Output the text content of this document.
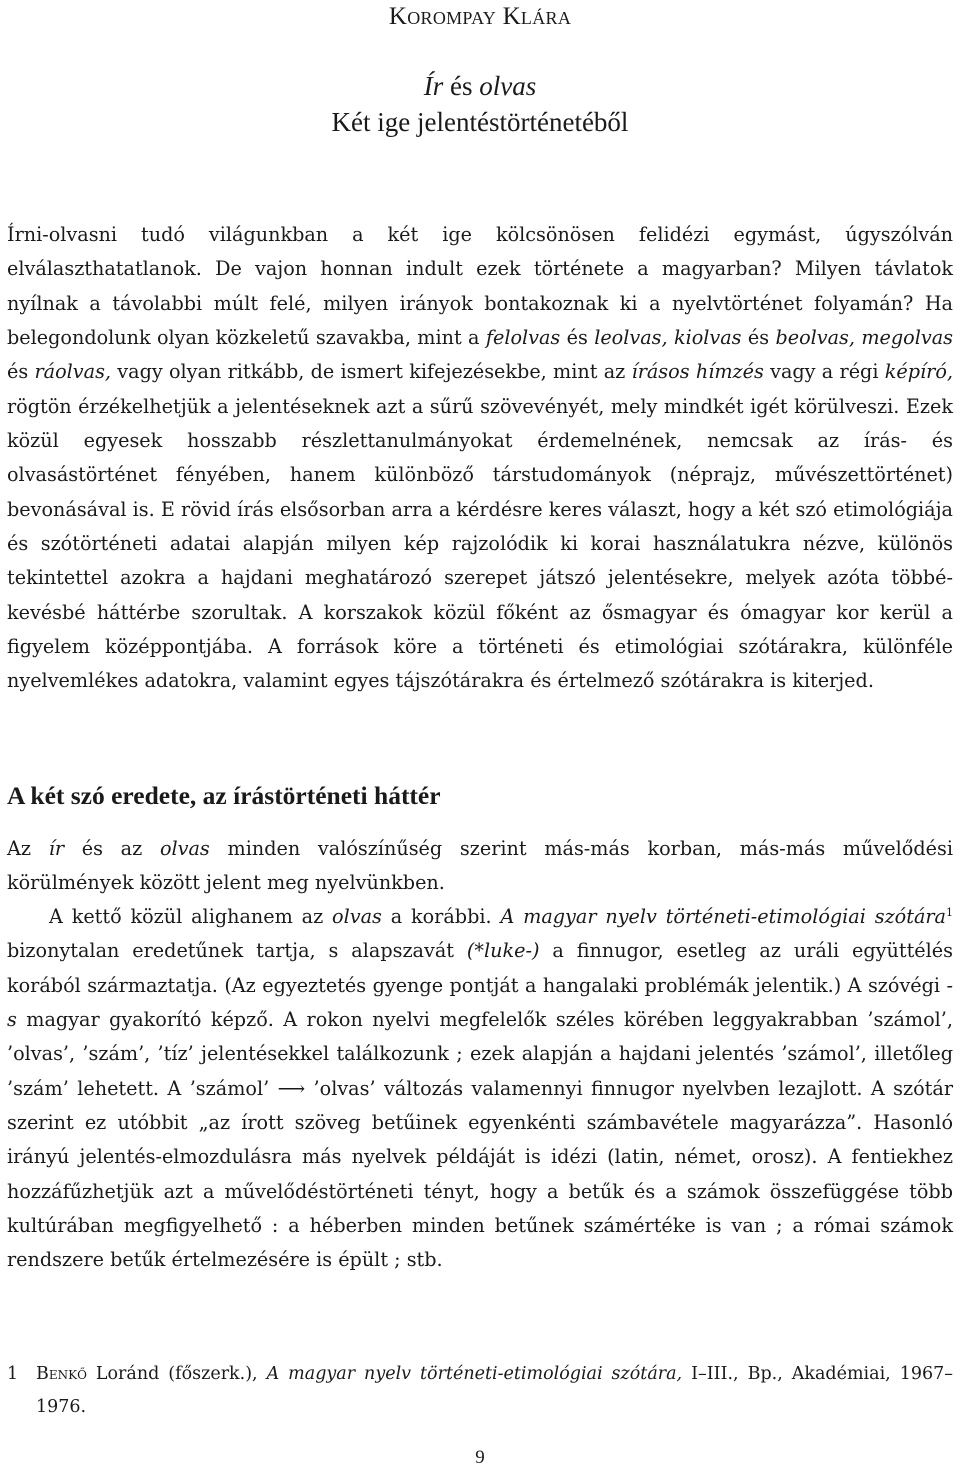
Korompay Klára
Ír és olvas
Két ige jelentéstörténetéből
Írni-olvasni tudó világunkban a két ige kölcsönösen felidézi egymást, úgyszólván elválaszthatatlanok. De vajon honnan indult ezek története a magyarban? Milyen távlatok nyílnak a távolabbi múlt felé, milyen irányok bontakoznak ki a nyelvtörténet folyamán? Ha belegondolunk olyan közkeletű szavakba, mint a felolvas és leolvas, kiolvas és beolvas, megolvas és ráolvas, vagy olyan ritkább, de ismert kifejezésekbe, mint az írásos hímzés vagy a régi képíró, rögtön érzékelhetjük a jelentéseknek azt a sűrű szövevényét, mely mindkét igét körülveszi. Ezek közül egyesek hosszabb részlettanulmányokat érdemelnének, nemcsak az írás- és olvasástörténet fényében, hanem különböző társtudományok (néprajz, művészettörténet) bevonásával is. E rövid írás elsősorban arra a kérdésre keres választ, hogy a két szó etimológiája és szótörténeti adatai alapján milyen kép rajzolódik ki korai használatukra nézve, különös tekintettel azokra a hajdani meghatározó szerepet játszó jelentésekre, melyek azóta többé-kevésbé háttérbe szorultak. A korszakok közül főként az ősmagyar és ómagyar kor kerül a figyelem középpontjába. A források köre a történeti és etimológiai szótárakra, különféle nyelvemlékes adatokra, valamint egyes tájszótárakra és értelmező szótárakra is kiterjed.
A két szó eredete, az írástörténeti háttér
Az ír és az olvas minden valószínűség szerint más-más korban, más-más művelődési körülmények között jelent meg nyelvünkben.
A kettő közül alighanem az olvas a korábbi. A magyar nyelv történeti-etimológiai szótára$^1$ bizonytalan eredetűnek tartja, s alapszavát (*luke-) a finnugor, esetleg az uráli együttélés korából származtatja. (Az egyeztetés gyenge pontját a hangalaki problémák jelentik.) A szóvégi -s magyar gyakorító képző. A rokon nyelvi megfelelők széles körében leggyakrabban ’számol’, ’olvas’, ’szám’, ’tíz’ jelentésekkel találkozunk ; ezek alapján a hajdani jelentés ’számol’, illetőleg ’szám’ lehetett. A ’számol’ ⟶ ’olvas’ változás valamennyi finnugor nyelvben lezajlott. A szótár szerint ez utóbbit „az írott szöveg betűinek egyenkénti számbavétele magyarázza”. Hasonló irányú jelentés-elmozdulásra más nyelvek példáját is idézi (latin, német, orosz). A fentiekhez hozzáfűzhetjük azt a művelődéstörténeti tényt, hogy a betűk és a számok összefüggése több kultúrában megfigyelhető : a héberben minden betűnek számértéke is van ; a római számok rendszere betűk értelmezésére is épült ; stb.
1	Benkő Loránd (főszerk.), A magyar nyelv történeti-etimológiai szótára, I–III., Bp., Akadémiai, 1967–1976.
9
